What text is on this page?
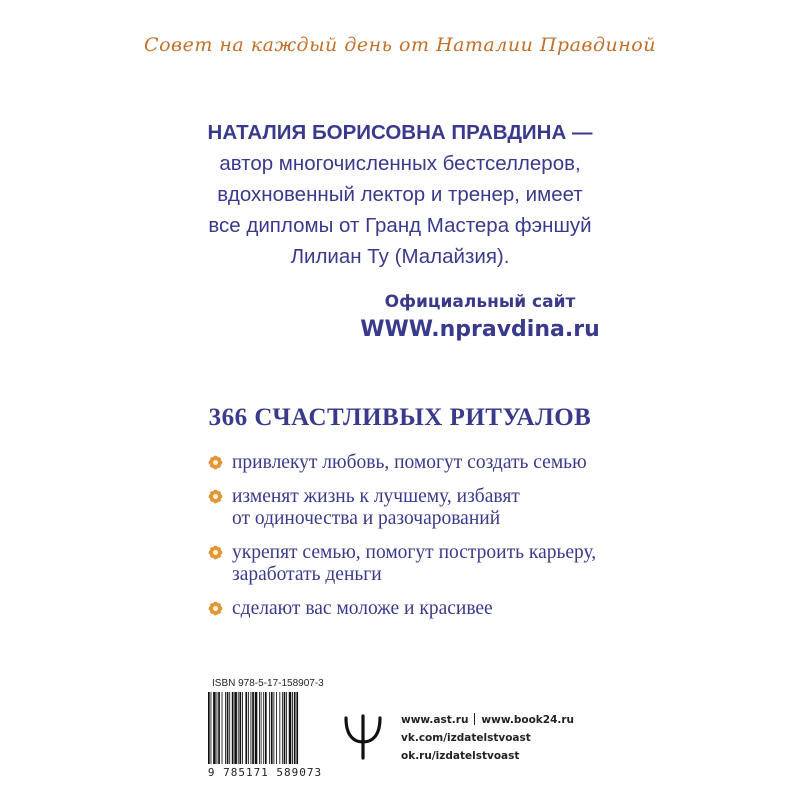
Совет на каждый день от Наталии Правдиной
НАТАЛИЯ БОРИСОВНА ПРАВДИНА —
автор многочисленных бестселлеров,
вдохновенный лектор и тренер, имеет
все дипломы от Гранд Мастера фэншуй
Лилиан Ту (Малайзия).
Официальный сайт
WWW.npravdina.ru
366 СЧАСТЛИВЫХ РИТУАЛОВ
привлекут любовь, помогут создать семью
изменят жизнь к лучшему, избавят
от одиночества и разочарований
укрепят семью, помогут построить карьеру,
заработать деньги
сделают вас моложе и красивее
ISBN 978-5-17-158907-3
9 785171 589073
www.ast.ru www.book24.ru
vk.com/izdatelstvoast
ok.ru/izdatelstvoast
